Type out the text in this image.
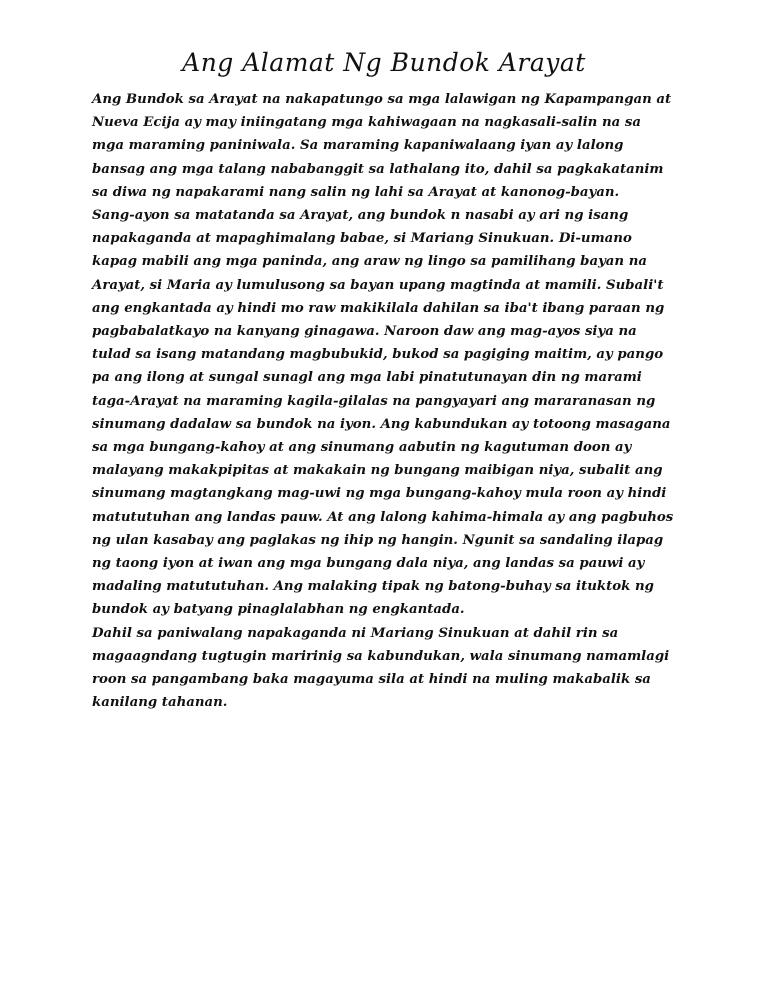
Ang Alamat Ng Bundok Arayat

Ang Bundok sa Arayat na nakapatungo sa mga lalawigan ng Kapampangan at Nueva Ecija ay may iniingatang mga kahiwagaan na nagkasali-salin na sa mga maraming paniniwala. Sa maraming kapaniwalaang iyan ay lalong bansag ang mga talang nababanggit sa lathalang ito, dahil sa pagkakatanim sa diwa ng napakarami nang salin ng lahi sa Arayat at kanonog-bayan.

Sang-ayon sa matatanda sa Arayat, ang bundok n nasabi ay ari ng isang napakaganda at mapaghimalang babae, si Mariang Sinukuan. Di-umano kapag mabili ang mga paninda, ang araw ng lingo sa pamilihang bayan na Arayat, si Maria ay lumulusong sa bayan upang magtinda at mamili. Subali't ang engkantada ay hindi mo raw makikilala dahilan sa iba't ibang paraan ng pagbabalatkayo na kanyang ginagawa. Naroon daw ang mag-ayos siya na tulad sa isang matandang magbubukid, bukod sa pagiging maitim, ay pango pa ang ilong at sungal sunagl ang mga labi pinatutunayan din ng marami taga-Arayat na maraming kagila-gilalas na pangyayari ang mararanasan ng sinumang dadalaw sa bundok na iyon. Ang kabundukan ay totoong masagana sa mga bungang-kahoy at ang sinumang aabutin ng kagutuman doon ay malayang makakpipitas at makakain ng bungang maibigan niya, subalit ang sinumang magtangkang mag-uwi ng mga bungang-kahoy mula roon ay hindi matututuhan ang landas pauw. At ang lalong kahima-himala ay ang pagbuhos ng ulan kasabay ang paglakas ng ihip ng hangin. Ngunit sa sandaling ilapag ng taong iyon at iwan ang mga bungang dala niya, ang landas sa pauwi ay madaling matututuhan. Ang malaking tipak ng batong-buhay sa ituktok ng bundok ay batyang pinaglalabhan ng engkantada.

Dahil sa paniwalang napakaganda ni Mariang Sinukuan at dahil rin sa magaagndang tugtugin maririnig sa kabundukan, wala sinumang namamlagi roon sa pangambang baka magayuma sila at hindi na muling makabalik sa kanilang tahanan.
